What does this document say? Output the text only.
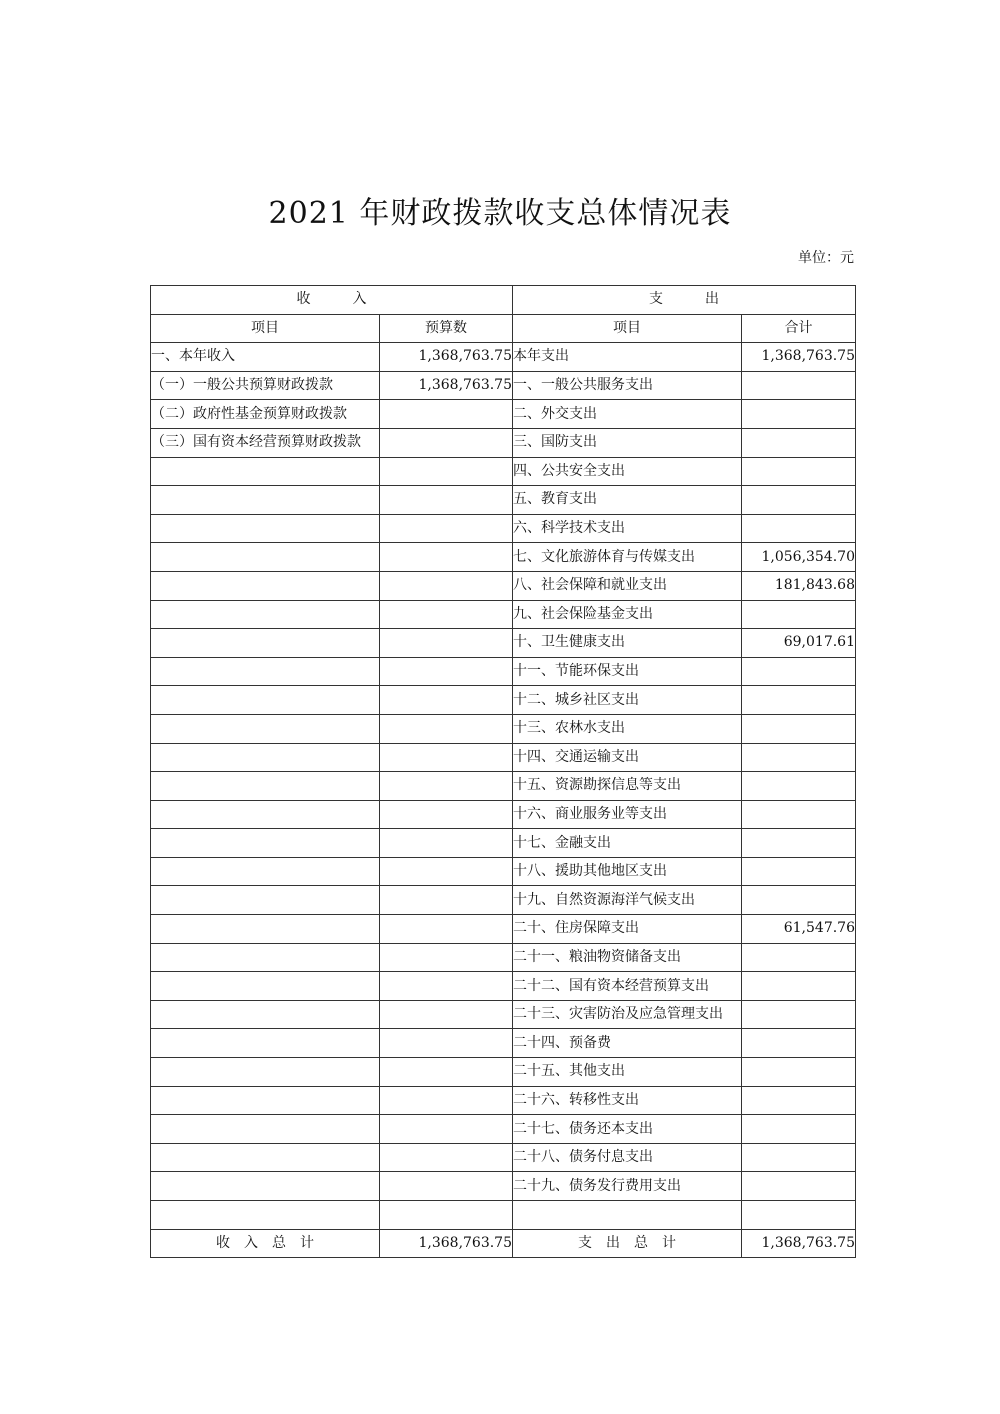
2021 年财政拨款收支总体情况表
单位：元
收　　　入		支　　　出	
项目	预算数	项目	合计
一、本年收入	1,368,763.75	本年支出	1,368,763.75
（一）一般公共预算财政拨款	1,368,763.75	一、一般公共服务支出	
（二）政府性基金预算财政拨款		二、外交支出	
（三）国有资本经营预算财政拨款		三、国防支出	
		四、公共安全支出	
		五、教育支出	
		六、科学技术支出	
		七、文化旅游体育与传媒支出	1,056,354.70
		八、社会保障和就业支出	181,843.68
		九、社会保险基金支出	
		十、卫生健康支出	69,017.61
		十一、节能环保支出	
		十二、城乡社区支出	
		十三、农林水支出	
		十四、交通运输支出	
		十五、资源勘探信息等支出	
		十六、商业服务业等支出	
		十七、金融支出	
		十八、援助其他地区支出	
		十九、自然资源海洋气候支出	
		二十、住房保障支出	61,547.76
		二十一、粮油物资储备支出	
		二十二、国有资本经营预算支出	
		二十三、灾害防治及应急管理支出	
		二十四、预备费	
		二十五、其他支出	
		二十六、转移性支出	
		二十七、债务还本支出	
		二十八、债务付息支出	
		二十九、债务发行费用支出	

收　入　总　计	1,368,763.75	支　出　总　计	1,368,763.75
